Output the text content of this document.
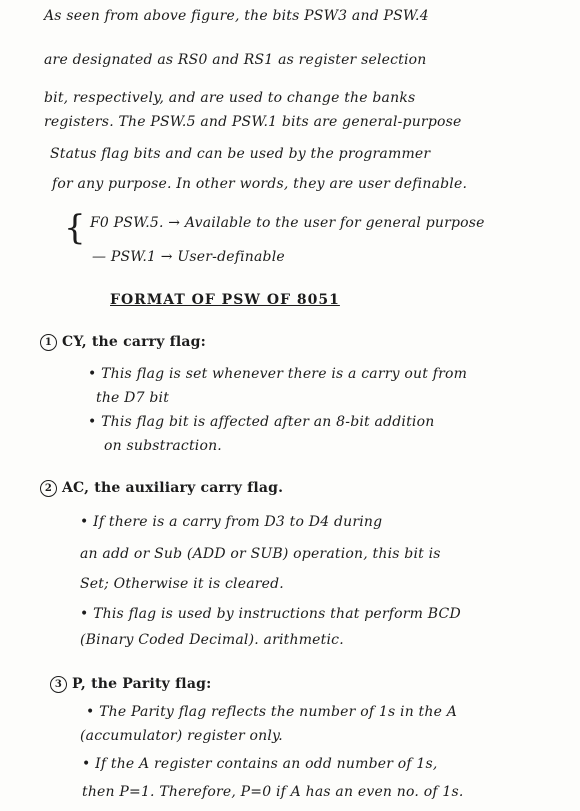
As seen from above figure, the bits PSW3 and PSW.4
are designated as RS0 and RS1 as register selection
bit, respectively, and are used to change the banks
registers. The PSW.5 and PSW.1 bits are general-purpose
Status flag bits and can be used by the programmer
for any purpose. In other words, they are user definable.
{ F0 PSW.5. → Available to the user for general purpose
— PSW.1 → User-definable
FORMAT OF PSW OF 8051
1 CY, the carry flag:
• This flag is set whenever there is a carry out from
the D7 bit
• This flag bit is affected after an 8-bit addition
on substraction.
2 AC, the auxiliary carry flag.
• If there is a carry from D3 to D4 during
an add or Sub (ADD or SUB) operation, this bit is
Set; Otherwise it is cleared.
• This flag is used by instructions that perform BCD
(Binary Coded Decimal). arithmetic.
3 P, the Parity flag:
• The Parity flag reflects the number of 1s in the A
(accumulator) register only.
• If the A register contains an odd number of 1s,
then P=1. Therefore, P=0 if A has an even no. of 1s.
